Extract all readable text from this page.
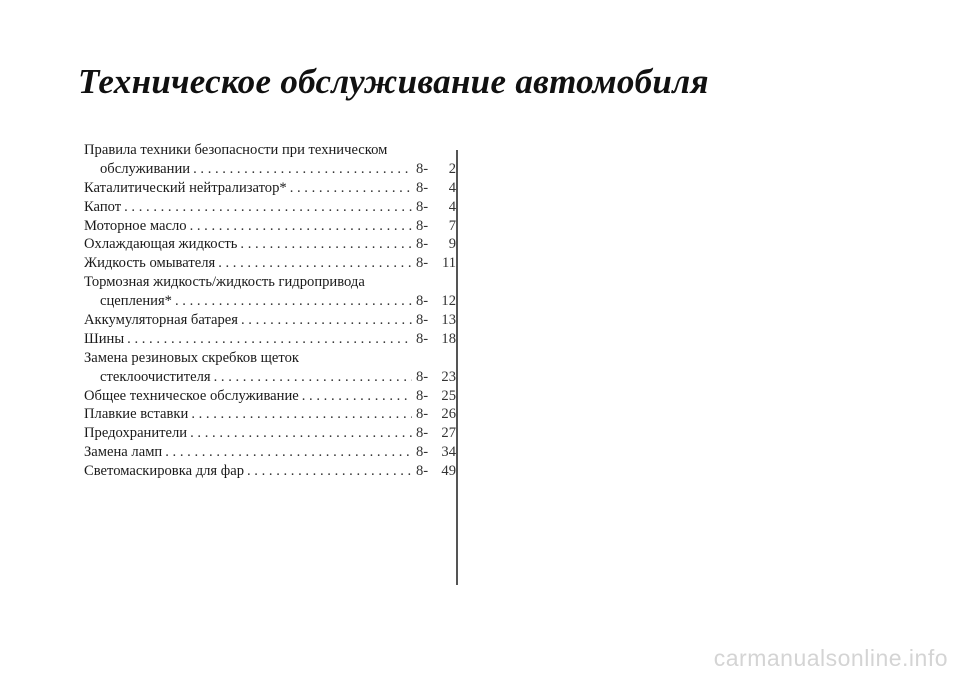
Техническое обслуживание автомобиля
Правила техники безопасности при техническом
обслуживании . . .	8-	2
Каталитический нейтрализатор* . . .	8-	4
Капот . . .	8-	4
Моторное масло . . .	8-	7
Охлаждающая жидкость . . .	8-	9
Жидкость омывателя . . .	8- 11
Тормозная жидкость/жидкость гидропривода
сцепления* . . .	8- 12
Аккумуляторная батарея . . .	8- 13
Шины . . .	8- 18
Замена резиновых скребков щеток
стеклоочистителя . . .	8- 23
Общее техническое обслуживание . . .	8- 25
Плавкие вставки . . .	8- 26
Предохранители . . .	8- 27
Замена ламп . . .	8- 34
Светомаскировка для фар . . .	8- 49
carmanualsonline.info
